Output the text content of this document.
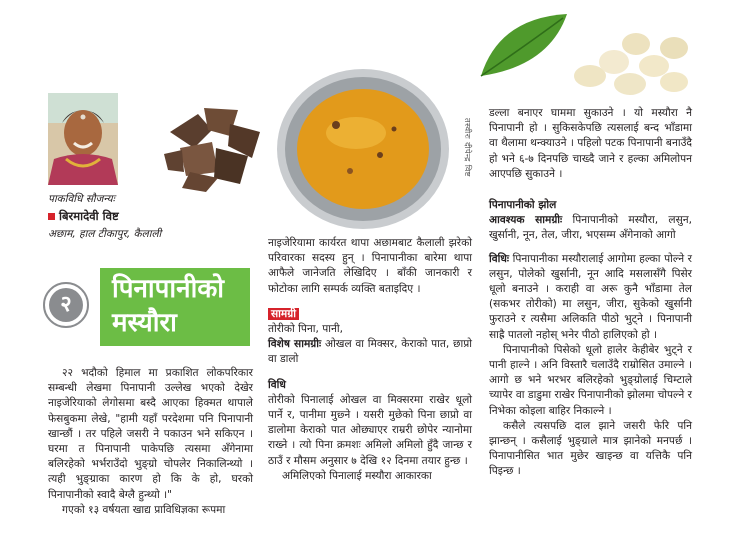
तस्वीरः दीपेन्द्र विष्ट
पाकविधि सौजन्यः
बिरमादेवी विष्ट
अछाम, हाल टीकापुर, कैलाली
२
पिनापानीको
मस्यौरा

२२ भदौको हिमाल मा प्रकाशित लोकपरिकार सम्बन्धी लेखमा पिनापानी उल्लेख भएको देखेर नाइजेरियाको लेगोसमा बस्दै आएका हिक्मत थापाले फेसबुकमा लेखे, "हामी यहाँ परदेशमा पनि पिनापानी खान्छौं । तर पहिले जसरी ने पकाउन भने सकिएन । घरमा त पिनापानी पाकेपछि त्यसमा अँगेनामा बलिरहेको भर्भराउँदो भुङ्ग्रो चोपलेर निकालिन्थ्यो । त्यही भुङ्ग्राका कारण हो कि के हो, घरको पिनापानीको स्वादै बेग्लै हुन्थ्यो ।"

गएको १३ वर्षयता खाद्य प्राविधिज्ञका रूपमा

नाइजेरियामा कार्यरत थापा अछामबाट कैलाली झरेको परिवारका सदस्य हुन् । पिनापानीका बारेमा थापा आफैले जानेजति लेखिदिए । बाँकी जानकारी र फोटोका लागि सम्पर्क व्यक्ति बताइदिए ।

सामग्री

तोरीको पिना, पानी,

विशेष सामग्रीः ओखल वा मिक्सर, केराको पात, छाप्रो वा डालो

विधि

तोरीको पिनालाई ओखल वा मिक्सरमा राखेर धूलो पार्ने र, पानीमा मुछ्ने । यसरी मुछेको पिना छाप्रो वा डालोमा केराको पात ओछ्याएर राम्ररी छोपेर न्यानोमा राख्ने । त्यो पिना क्रमशः अमिलो अमिलो हुँदै जान्छ र ठाउँ र मौसम अनुसार ७ देखि १२ दिनमा तयार हुन्छ ।

अमिलिएको पिनालाई मस्यौरा आकारका

डल्ला बनाएर घाममा सुकाउने । यो मस्यौरा नै पिनापानी हो । सुकिसकेपछि त्यसलाई बन्द भाँडामा वा थैलामा थन्क्याउने । पहिलो पटक पिनापानी बनाउँदै हो भने ६-७ दिनपछि चाख्दै जाने र हल्का अमिलोपन आएपछि सुकाउने ।

पिनापानीको झोल

आवश्यक सामग्रीः पिनापानीको मस्यौरा, लसुन, खुर्सानी, नून, तेल, जीरा, भएसम्म अँगेनाको आगो

विधिः पिनापानीका मस्यौरालाई आगोमा हल्का पोल्ने र लसुन, पोलेको खुर्सानी, नून आदि मसलासँगै पिसेर धूलो बनाउने । कराही वा अरू कुनै भाँडामा तेल (सकभर तोरीको) मा लसुन, जीरा, सुकेको खुर्सानी फुराउने र त्यसैमा अलिकति पीठो भुट्ने । पिनापानी साह्रै पातलो नहोस् भनेर पीठो हालिएको हो ।

पिनापानीको पिसेको धूलो हालेर केहीबेर भुट्ने र पानी हाल्ने । अनि विस्तारै चलाउँदै राम्रोसित उमाल्ने । आगो छ भने भरभर बलिरहेको भुङ्ग्रोलाई चिम्टाले च्यापेर वा डाडुमा राखेर पिनापानीको झोलमा चोपल्ने र निभेका कोइला बाहिर निकाल्ने ।

कसैले त्यसपछि दाल झाने जसरी फेरि पनि झान्छन् । कसैलाई भुङ्ग्राले मात्र झानेको मनपर्छ । पिनापानीसित भात मुछेर खाइन्छ वा यत्तिकै पनि पिइन्छ ।
